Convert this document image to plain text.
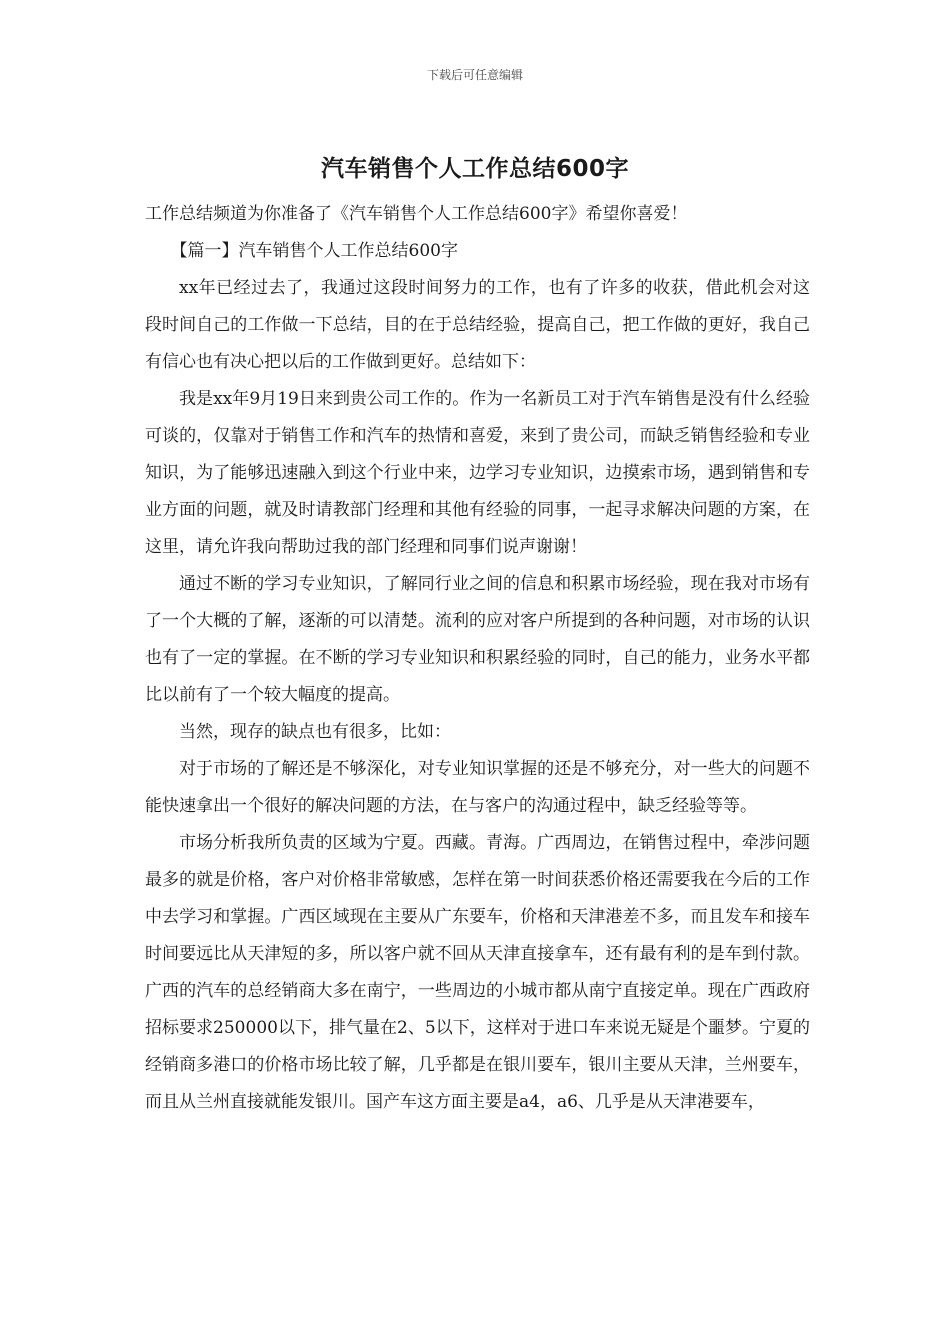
下载后可任意编辑
汽车销售个人工作总结600字

工作总结频道为你准备了《汽车销售个人工作总结600字》希望你喜爱！

【篇一】汽车销售个人工作总结600字

xx年已经过去了，我通过这段时间努力的工作，也有了许多的收获，借此机会对这段时间自己的工作做一下总结，目的在于总结经验，提高自己，把工作做的更好，我自己有信心也有决心把以后的工作做到更好。总结如下：

我是xx年9月19日来到贵公司工作的。作为一名新员工对于汽车销售是没有什么经验可谈的，仅靠对于销售工作和汽车的热情和喜爱，来到了贵公司，而缺乏销售经验和专业知识，为了能够迅速融入到这个行业中来，边学习专业知识，边摸索市场，遇到销售和专业方面的问题，就及时请教部门经理和其他有经验的同事，一起寻求解决问题的方案，在这里，请允许我向帮助过我的部门经理和同事们说声谢谢！

通过不断的学习专业知识，了解同行业之间的信息和积累市场经验，现在我对市场有了一个大概的了解，逐渐的可以清楚。流利的应对客户所提到的各种问题，对市场的认识也有了一定的掌握。在不断的学习专业知识和积累经验的同时，自己的能力，业务水平都比以前有了一个较大幅度的提高。

当然，现存的缺点也有很多，比如：

对于市场的了解还是不够深化，对专业知识掌握的还是不够充分，对一些大的问题不能快速拿出一个很好的解决问题的方法，在与客户的沟通过程中，缺乏经验等等。

市场分析我所负责的区域为宁夏。西藏。青海。广西周边，在销售过程中，牵涉问题最多的就是价格，客户对价格非常敏感，怎样在第一时间获悉价格还需要我在今后的工作中去学习和掌握。广西区域现在主要从广东要车，价格和天津港差不多，而且发车和接车时间要远比从天津短的多，所以客户就不回从天津直接拿车，还有最有利的是车到付款。广西的汽车的总经销商大多在南宁，一些周边的小城市都从南宁直接定单。现在广西政府招标要求250000以下，排气量在2、5以下，这样对于进口车来说无疑是个噩梦。宁夏的经销商多港口的价格市场比较了解，几乎都是在银川要车，银川主要从天津，兰州要车，而且从兰州直接就能发银川。国产车这方面主要是a4，a6、几乎是从天津港要车，
